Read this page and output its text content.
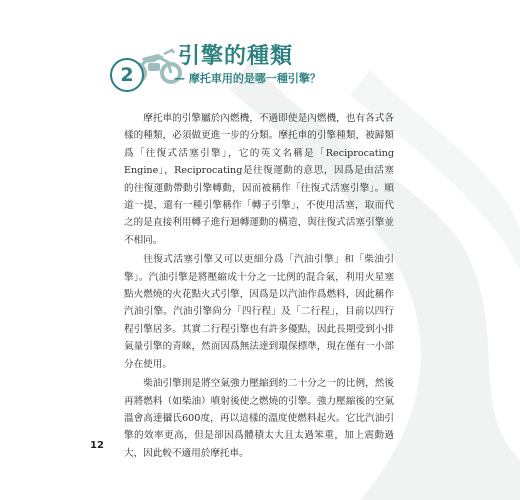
2
引擎的種類
— 摩托車用的是哪一種引擎？

摩托車的引擎屬於內燃機，不過即使是內燃機，也有各式各樣的種類，必須做更進一步的分類。摩托車的引擎種類，被歸類爲「往復式活塞引擎」，它的英文名稱是「Reciprocating Engine」，Reciprocating是往復運動的意思，因爲是由活塞的往復運動帶動引擎轉動，因而被稱作「往復式活塞引擎」。順道一提，還有一種引擎稱作「轉子引擎」，不使用活塞，取而代之的是直接利用轉子進行迴轉運動的構造，與往復式活塞引擎並不相同。

往復式活塞引擎又可以更細分爲「汽油引擎」和「柴油引擎」。汽油引擎是將壓縮成十分之一比例的混合氣，利用火星塞點火燃燒的火花點火式引擎，因爲是以汽油作爲燃料，因此稱作汽油引擎。汽油引擎尙分「四行程」及「二行程」，目前以四行程引擎居多。其實二行程引擎也有許多優點，因此長期受到小排氣量引擎的青睞，然而因爲無法達到環保標準，現在僅有一小部分在使用。

柴油引擎則是將空氣強力壓縮到約二十分之一的比例，然後再將燃料（如柴油）噴射後使之燃燒的引擎。強力壓縮後的空氣溫會高達攝氏600度，再以這樣的溫度使燃料起火。它比汽油引擎的效率更高，但是卻因爲體積太大且太過笨重，加上震動過大，因此較不適用於摩托車。

12
